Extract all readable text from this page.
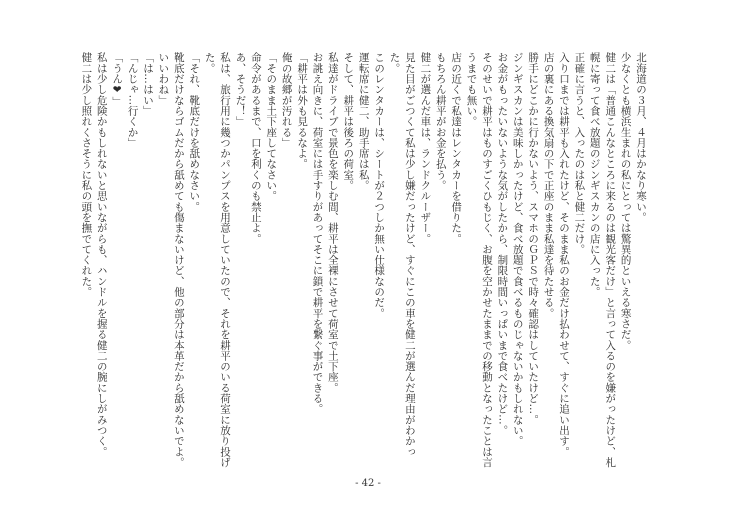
北海道の３月、４月はかなり寒い。
少なくとも横浜生まれの私にとっては驚異的といえる寒さだ。
健二は「普通こんなところに来るのは観光客だけ」と言って入るのを嫌がったけど、札
幌に寄って食べ放題のジンギスカンの店に入った。
正確に言うと、入ったのは私と健二だけ。
入り口までは耕平も入れたけど、そのまま私のお金だけ払わせて、すぐに追い出す。
店の裏にある換気扇の下で正座のまま私達を待たせる。
勝手にどこかに行かないよう、スマホのＧＰＳで時々確認はしていたけど…。
ジンギスカンは美味しかったけど、食べ放題で食べるものじゃないかもしれない。
お金がもったいないような気がしたから、制限時間いっぱいまで食べたけど…。
そのせいで耕平はものすごくひもじく、お腹を空かせたままでの移動となったことは言
うまでも無い。
店の近くで私達はレンタカーを借りた。
もちろん耕平がお金を払う。
健二が選んだ車は、ランドクルーザー。
見た目がごつくて私は少し嫌だったけど、すぐにこの車を健二が選んだ理由がわかった。
このレンタカーは、シートが２つしか無い仕様なのだ。
運転席に健二、助手席は私。
そして、耕平は後ろの荷室。
私達がドライブで景色を楽しむ間、耕平は全裸にさせて荷室で土下座。
お誂え向きに、荷室には手すりがあってそこに鎖で耕平を繋ぐ事ができる。
「耕平は外も見るなよ。
俺の故郷が汚れる」
「そのまま土下座してなさい。
命令があるまで、口を利くのも禁止よ。
あ、そうだ！」
私は、旅行用に幾つかパンプスを用意していたので、それを耕平のいる荷室に放り投げ
た。
「それ、靴底だけを舐めなさい。
靴底だけならゴムだから舐めても傷まないけど、他の部分は本革だから舐めないでよ。
いいわね」
「は…はい」
「んじゃ…行くか」
「うん❤」
私は少し危険かもしれないと思いながらも、ハンドルを握る健二の腕にしがみつく。
健二は少し照れくさそうに私の頭を撫でてくれた。
- 42 -
